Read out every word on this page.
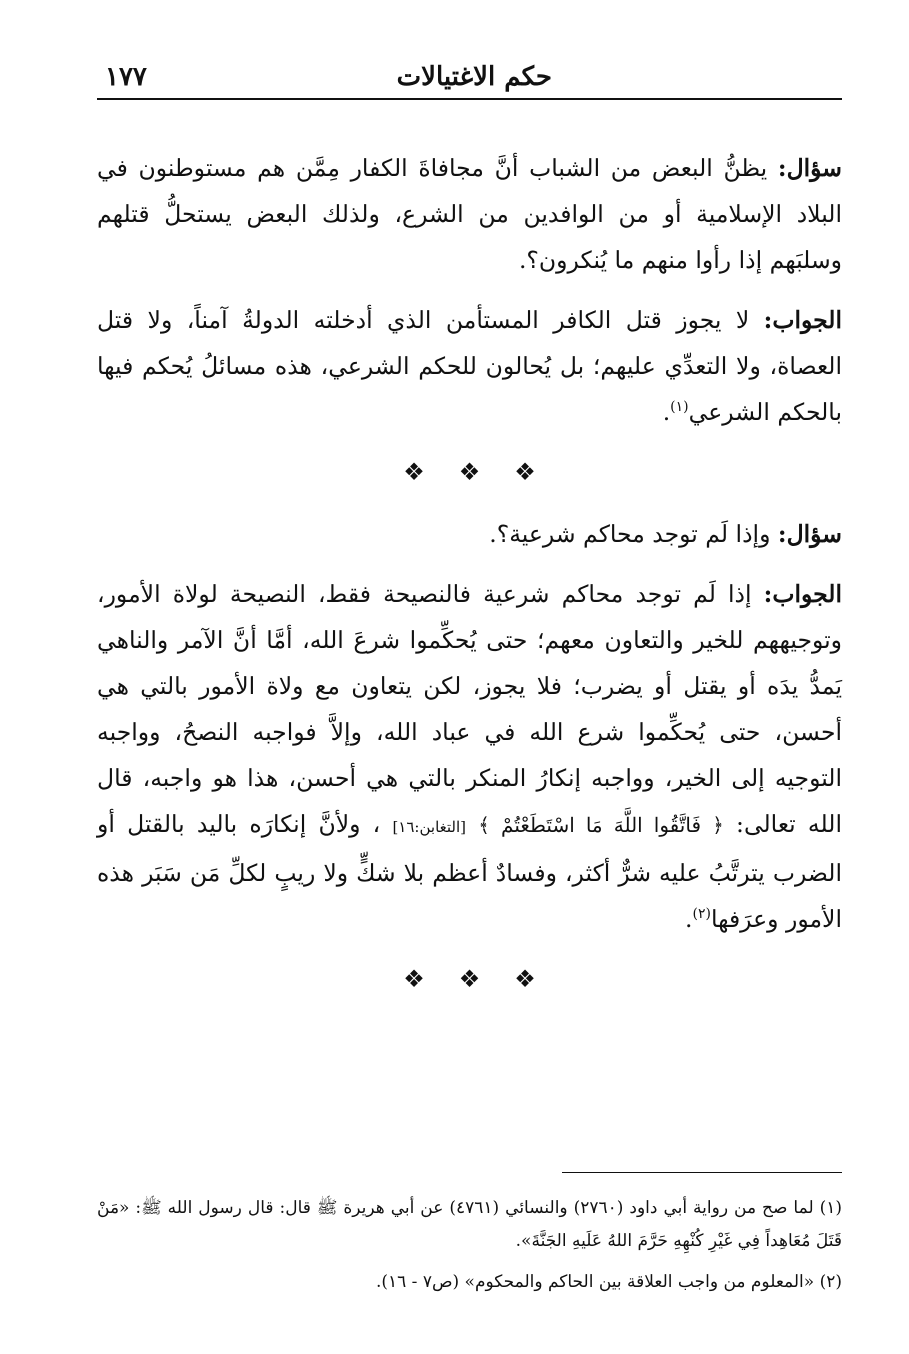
حكم الاغتيالات
١٧٧

سؤال: يظنُّ البعض من الشباب أنَّ مجافاةَ الكفار مِمَّن هم مستوطنون في البلاد الإسلامية أو من الوافدين من الشرع، ولذلك البعض يستحلُّ قتلهم وسلبَهم إذا رأوا منهم ما يُنكرون؟.

الجواب: لا يجوز قتل الكافر المستأمن الذي أدخلته الدولةُ آمناً، ولا قتل العصاة، ولا التعدِّي عليهم؛ بل يُحالون للحكم الشرعي، هذه مسائلُ يُحكم فيها بالحكم الشرعي$^{(١)}$.

❖❖❖

سؤال: وإذا لَم توجد محاكم شرعية؟.

الجواب: إذا لَم توجد محاكم شرعية فالنصيحة فقط، النصيحة لولاة الأمور، وتوجيههم للخير والتعاون معهم؛ حتى يُحكِّموا شرعَ الله، أمَّا أنَّ الآمر والناهي يَمدُّ يدَه أو يقتل أو يضرب؛ فلا يجوز، لكن يتعاون مع ولاة الأمور بالتي هي أحسن، حتى يُحكِّموا شرع الله في عباد الله، وإلاَّ فواجبه النصحُ، وواجبه التوجيه إلى الخير، وواجبه إنكارُ المنكر بالتي هي أحسن، هذا هو واجبه، قال الله تعالى: ﴿ فَاتَّقُوا اللَّهَ مَا اسْتَطَعْتُمْ ﴾ [التغابن:١٦] ، ولأنَّ إنكارَه باليد بالقتل أو الضرب يترتَّبُ عليه شرٌّ أكثر، وفسادٌ أعظم بلا شكٍّ ولا ريبٍ لكلِّ مَن سَبَر هذه الأمور وعرَفها$^{(٢)}$.

❖❖❖

(١) لما صح من رواية أبي داود (٢٧٦٠) والنسائي (٤٧٦١) عن أبي هريرة ﷺ قال: قال رسول الله ﷺ: «مَنْ قَتَلَ مُعَاهِداً فِي غَيْرِ كُنْهِهِ حَرَّمَ اللهُ عَلَيهِ الجَنَّةَ».

(٢) «المعلوم من واجب العلاقة بين الحاكم والمحكوم» (ص٧ - ١٦).
